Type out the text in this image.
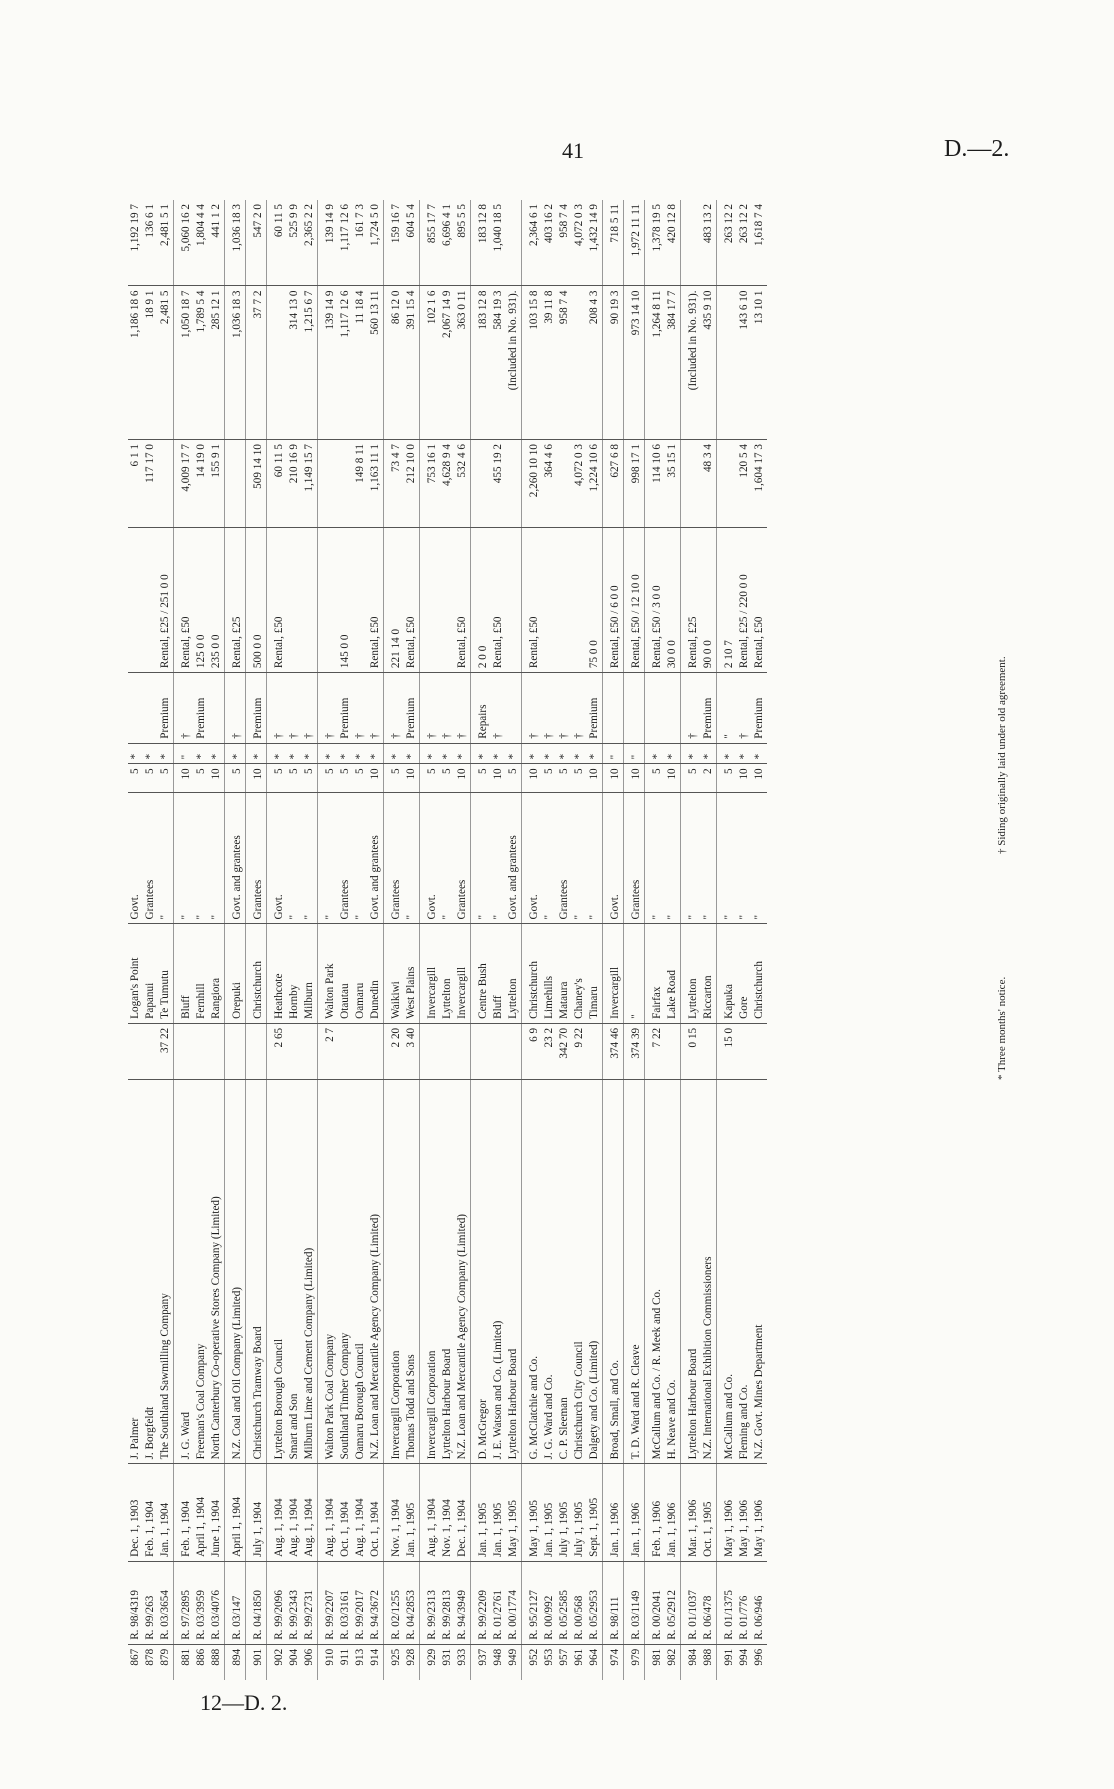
41	D.—2.
12—D. 2.
867	R. 98/4319	Dec. 1, 1903	J. Palmer		Logan's Point	Govt.	5	*			6 1 1	1,186 18 6	1,192 19 7
878	R. 99/263	Feb. 1, 1904	J. Borgfeldt		Papanui	Grantees	5	*			117 17 0	18 9 1	136 6 1
879	R. 03/3654	Jan. 1, 1904	The Southland Sawmilling Company	37 22	Te Tumutu	"	5	*	Premium	Rental, £25 / 251 0 0		2,481 5	2,481 5 1
881	R. 97/2895	Feb. 1, 1904	J. G. Ward		Bluff	"	10	"	†	Rental, £50	4,009 17 7	1,050 18 7	5,060 16 2
886	R. 03/3959	April 1, 1904	Freeman's Coal Company		Fernhill	"	5	*	Premium	125 0 0	14 19 0	1,789 5 4	1,804 4 4
888	R. 03/4076	June 1, 1904	North Canterbury Co-operative Stores Company (Limited)		Rangiora	"	10	*		235 0 0	155 9 1	285 12 1	441 1 2
894	R. 03/147	April 1, 1904	N.Z. Coal and Oil Company (Limited)		Orepuki	Govt. and grantees	5	*	†	Rental, £25		1,036 18 3	1,036 18 3
901	R. 04/1850	July 1, 1904	Christchurch Tramway Board		Christchurch	Grantees	10	*	Premium	500 0 0	509 14 10	37 7 2	547 2 0
902	R. 99/2096	Aug. 1, 1904	Lyttelton Borough Council	2 65	Heathcote	Govt.	5	*	†	Rental, £50	60 11 5		60 11 5
904	R. 99/2343	Aug. 1, 1904	Smart and Son		Hornby	"	5	*	†		210 16 9	314 13 0	525 9 9
906	R. 99/2731	Aug. 1, 1904	Milburn Lime and Cement Company (Limited)		Milburn	"	5	*	†		1,149 15 7	1,215 6 7	2,365 2 2
910	R. 99/2207	Aug. 1, 1904	Walton Park Coal Company	2 7	Walton Park	"	5	*	†			139 14 9	139 14 9
911	R. 03/3161	Oct. 1, 1904	Southland Timber Company		Otautau	Grantees	5	*	Premium	145 0 0		1,117 12 6	1,117 12 6
913	R. 99/2017	Aug. 1, 1904	Oamaru Borough Council		Oamaru	"	5	*	†		149 8 11	11 18 4	161 7 3
914	R. 94/3672	Oct. 1, 1904	N.Z. Loan and Mercantile Agency Company (Limited)		Dunedin	Govt. and grantees	10	*	†	Rental, £50	1,163 11 1	560 13 11	1,724 5 0
925	R. 02/1255	Nov. 1, 1904	Invercargill Corporation	2 20	Waikiwi	Grantees	5	*	†	221 14 0	73 4 7	86 12 0	159 16 7
928	R. 04/2853	Jan. 1, 1905	Thomas Todd and Sons	3 40	West Plains	"	10	*	Premium	Rental, £50	212 10 0	391 15 4	604 5 4
929	R. 99/2313	Aug. 1, 1904	Invercargill Corporation		Invercargill	Govt.	5	*	†		753 16 1	102 1 6	855 17 7
931	R. 99/2813	Nov. 1, 1904	Lyttelton Harbour Board		Lyttelton	"	5	*	†		4,628 9 4	2,067 14 9	6,696 4 1
933	R. 94/3949	Dec. 1, 1904	N.Z. Loan and Mercantile Agency Company (Limited)		Invercargill	Grantees	10	*	†	Rental, £50	532 4 6	363 0 11	895 5 5
937	R. 99/2209	Jan. 1, 1905	D. McGregor		Centre Bush	"	5	*	Repairs	2 0 0		183 12 8	183 12 8
948	R. 01/2761	Jan. 1, 1905	J. E. Watson and Co. (Limited)		Bluff	"	10	*	†	Rental, £50	455 19 2	584 19 3	1,040 18 5
949	R. 00/1774	May 1, 1905	Lyttelton Harbour Board		Lyttelton	Govt. and grantees	5	*				(Included in No. 931).	
952	R. 95/2127	May 1, 1905	G. McClatchie and Co.	6 9	Christchurch	Govt.	10	*	†	Rental, £50	2,260 10 10	103 15 8	2,364 6 1
953	R. 00/992	Jan. 1, 1905	J. G. Ward and Co.	23 2	Limehills	"	5	*	†		364 4 6	39 11 8	403 16 2
957	R. 05/2585	July 1, 1905	C. P. Sleeman	342 70	Mataura	Grantees	5	*	†			958 7 4	958 7 4
961	R. 00/568	July 1, 1905	Christchurch City Council	9 22	Chaney's	"	5	*	†		4,072 0 3		4,072 0 3
964	R. 05/2953	Sept. 1, 1905	Dalgety and Co. (Limited)		Timaru	"	10	*	Premium	75 0 0	1,224 10 6	208 4 3	1,432 14 9
974	R. 98/111	Jan. 1, 1906	Broad, Small, and Co.	374 46	Invercargill	Govt.	10	"		Rental, £50 / 6 0 0	627 6 8	90 19 3	718 5 11
979	R. 03/1149	Jan. 1, 1906	T. D. Ward and R. Cleave	374 39	"	Grantees	10	"		Rental, £50 / 12 10 0	998 17 1	973 14 10	1,972 11 11
981	R. 00/2041	Feb. 1, 1906	McCallum and Co. / R. Meek and Co.	7 22	Fairfax	"	5	*		Rental, £50 / 3 0 0	114 10 6	1,264 8 11	1,378 19 5
982	R. 05/2912	Jan. 1, 1906	H. Neave and Co.		Lake Road	"	10	*		30 0 0	35 15 1	384 17 7	420 12 8
984	R. 01/1037	Mar. 1, 1906	Lyttelton Harbour Board	0 15	Lyttelton	"	5	*	†	Rental, £25		(Included in No. 931).	
988	R. 06/478	Oct. 1, 1905	N.Z. International Exhibition Commissioners		Riccarton	"	2	*	Premium	90 0 0	48 3 4	435 9 10	483 13 2
991	R. 01/1375	May 1, 1906	McCallum and Co.	15 0	Kapuka	"	5	*	"	2 10 7			263 12 2
994	R. 01/776	May 1, 1906	Fleming and Co.		Gore	"	10	*	†	Rental, £25 / 220 0 0	120 5 4	143 6 10	263 12 2
996	R. 06/946	May 1, 1906	N.Z. Govt. Mines Department		Christchurch	"	10	*	Premium	Rental, £50	1,604 17 3	13 10 1	1,618 7 4
* Three months' notice. † Siding originally laid under old agreement.
